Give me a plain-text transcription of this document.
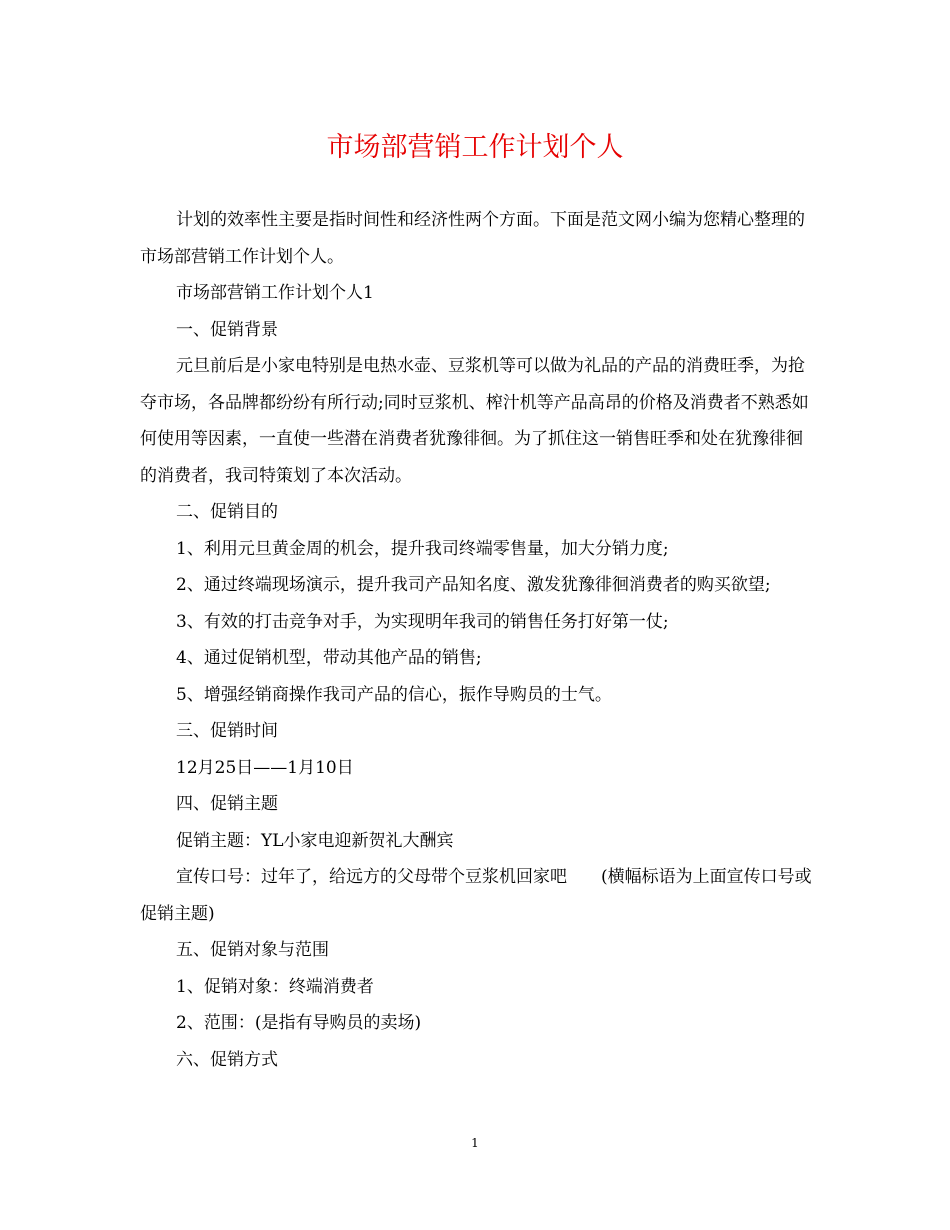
市场部营销工作计划个人

计划的效率性主要是指时间性和经济性两个方面。下面是范文网小编为您精心整理的市场部营销工作计划个人。

市场部营销工作计划个人1

一、促销背景

元旦前后是小家电特别是电热水壶、豆浆机等可以做为礼品的产品的消费旺季，为抢夺市场，各品牌都纷纷有所行动;同时豆浆机、榨汁机等产品高昂的价格及消费者不熟悉如何使用等因素，一直使一些潜在消费者犹豫徘徊。为了抓住这一销售旺季和处在犹豫徘徊的消费者，我司特策划了本次活动。

二、促销目的

1、利用元旦黄金周的机会，提升我司终端零售量，加大分销力度;

2、通过终端现场演示，提升我司产品知名度、激发犹豫徘徊消费者的购买欲望;

3、有效的打击竞争对手，为实现明年我司的销售任务打好第一仗;

4、通过促销机型，带动其他产品的销售;

5、增强经销商操作我司产品的信心，振作导购员的士气。

三、促销时间

12月25日——1月10日

四、促销主题

促销主题：YL小家电迎新贺礼大酬宾

宣传口号：过年了，给远方的父母带个豆浆机回家吧　　(横幅标语为上面宣传口号或促销主题)

五、促销对象与范围

1、促销对象：终端消费者

2、范围：(是指有导购员的卖场)

六、促销方式

1
